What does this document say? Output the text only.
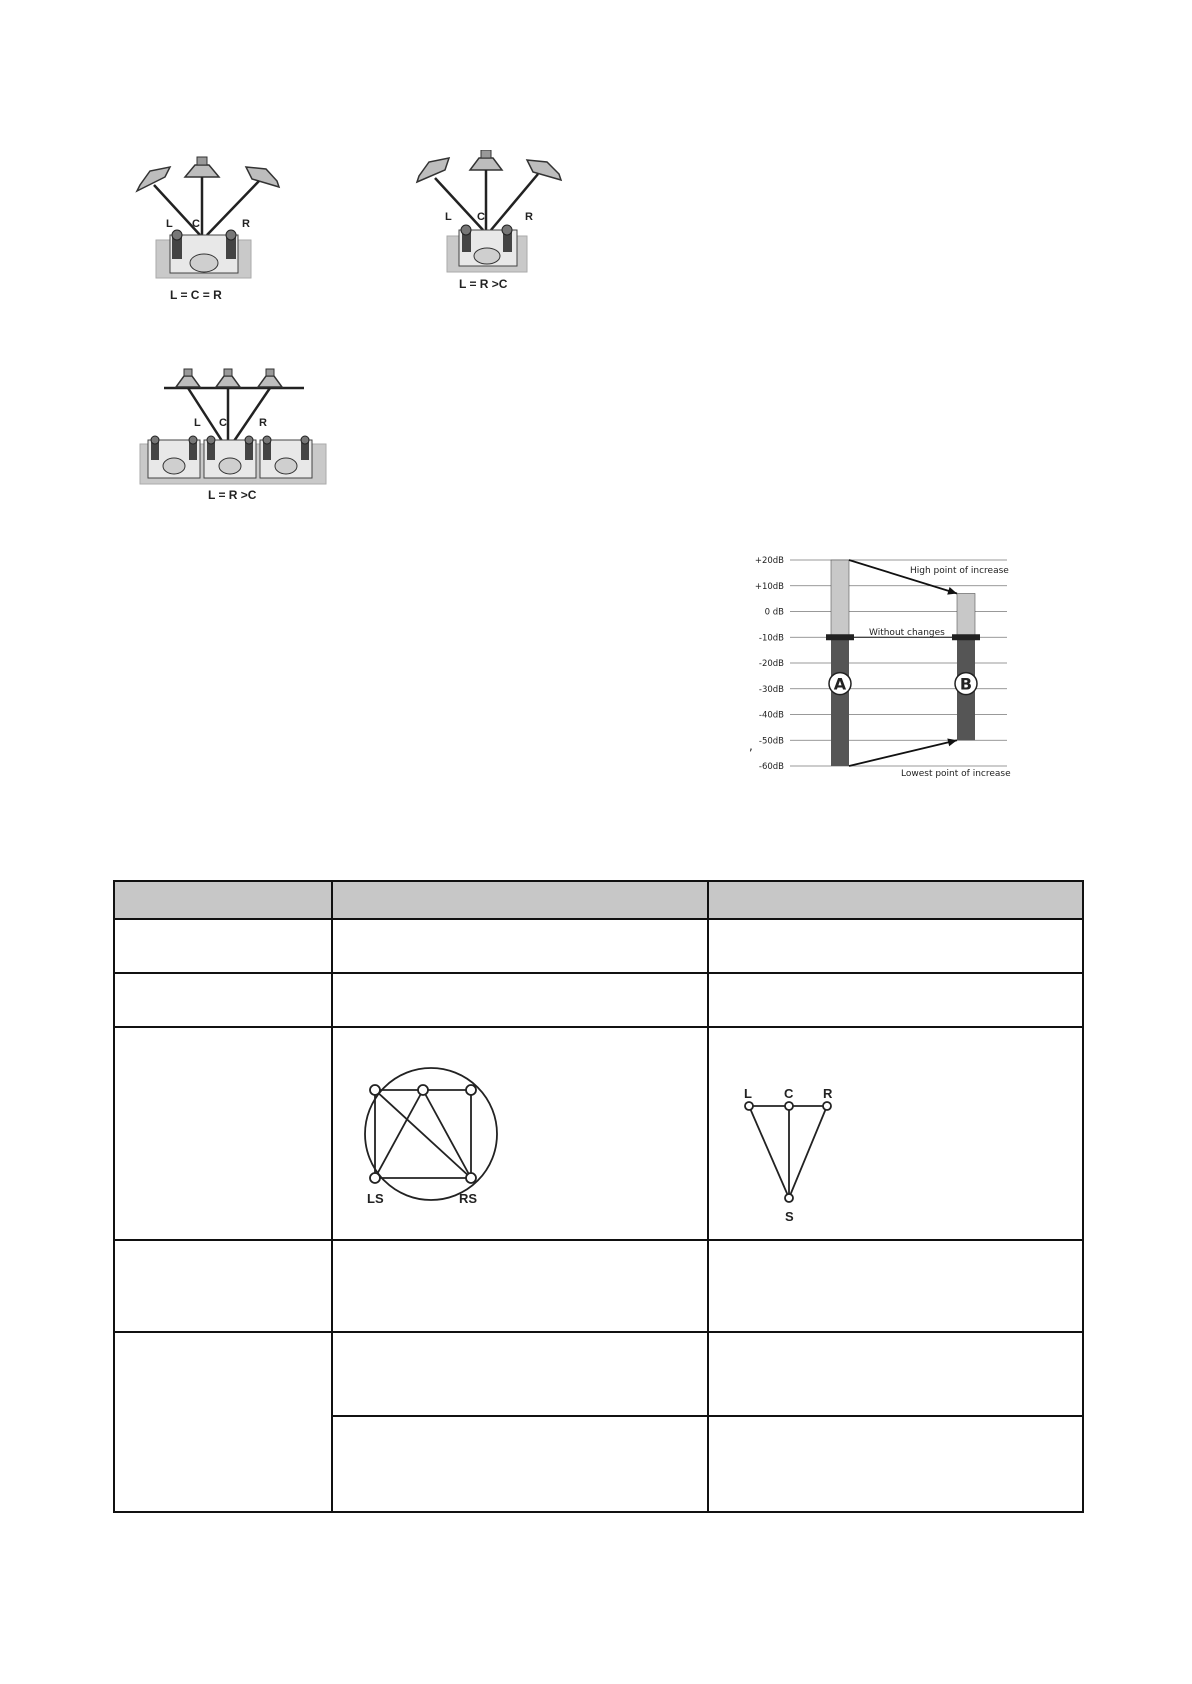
L C	R
L = C = R
L C	R
L = R >C
L C	R
L = R >C
A	B
+20dB
+10dB
0 dB
-10dB
-20dB
-30dB
-40dB
-50dB
-60dB
High point of increase
Without changes
Lowest point of increase
,

LS RS	L C R
S
